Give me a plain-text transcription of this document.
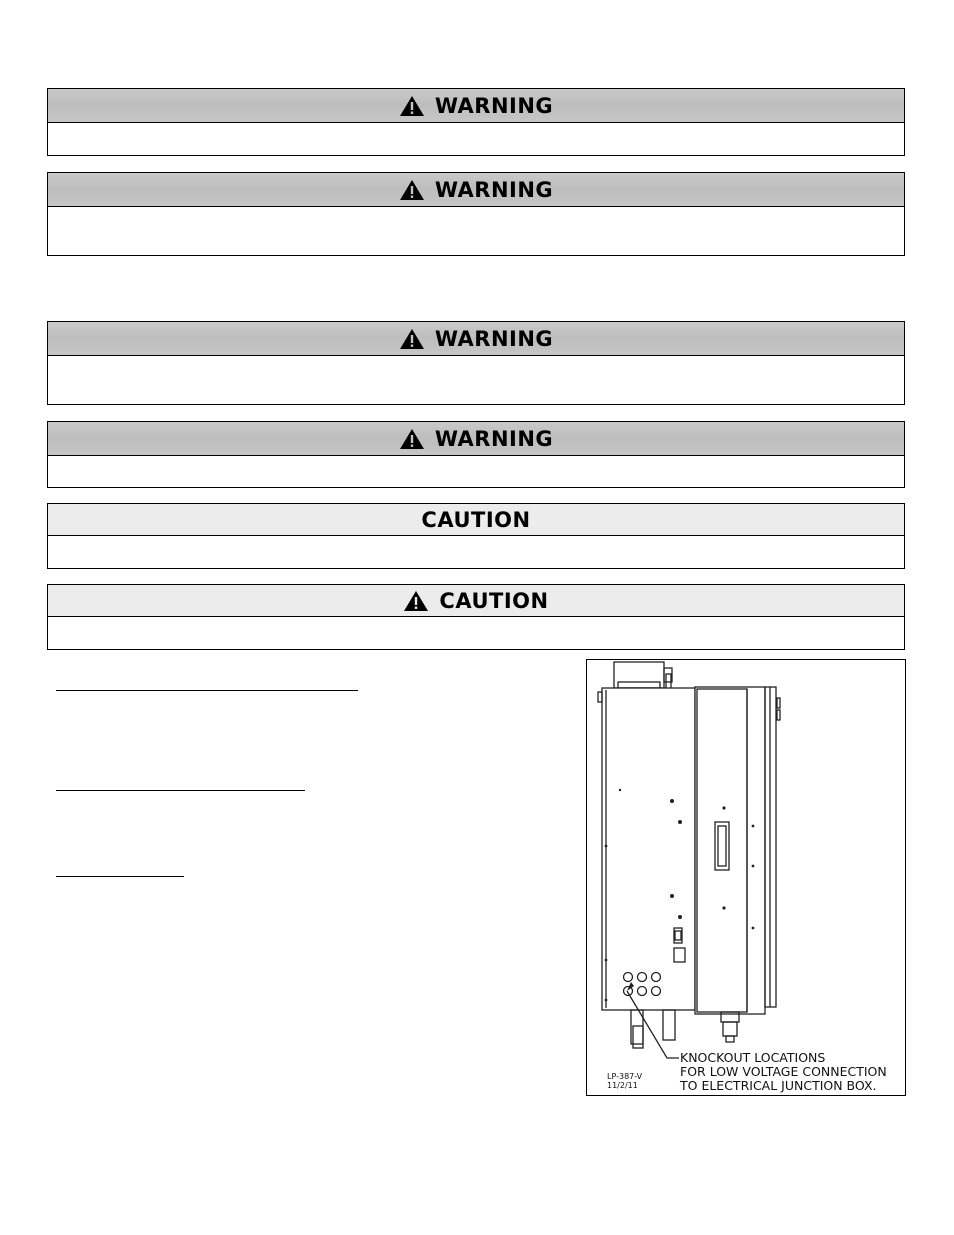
WARNING
WARNING
WARNING
WARNING
CAUTION
CAUTION
KNOCKOUT LOCATIONS
FOR LOW VOLTAGE CONNECTION
TO ELECTRICAL JUNCTION BOX.
LP-387-V
11/2/11
